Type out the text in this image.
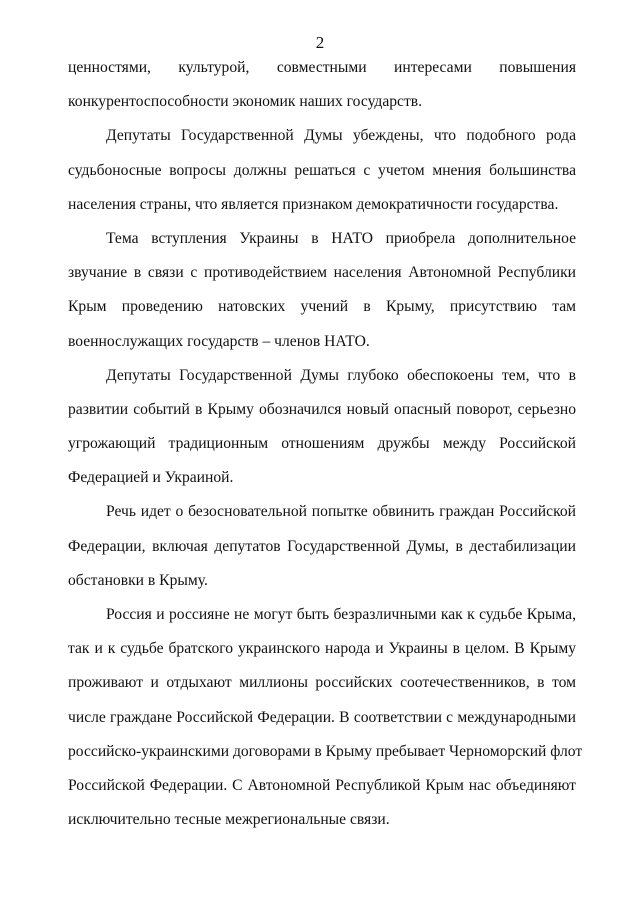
2
ценностями, культурой, совместными интересами повышения
конкурентоспособности экономик наших государств.
Депутаты Государственной Думы убеждены, что подобного рода
судьбоносные вопросы должны решаться с учетом мнения большинства
населения страны, что является признаком демократичности государства.
Тема вступления Украины в НАТО приобрела дополнительное
звучание в связи с противодействием населения Автономной Республики
Крым проведению натовских учений в Крыму, присутствию там
военнослужащих государств – членов НАТО.
Депутаты Государственной Думы глубоко обеспокоены тем, что в
развитии событий в Крыму обозначился новый опасный поворот, серьезно
угрожающий традиционным отношениям дружбы между Российской
Федерацией и Украиной.
Речь идет о безосновательной попытке обвинить граждан Российской
Федерации, включая депутатов Государственной Думы, в дестабилизации
обстановки в Крыму.
Россия и россияне не могут быть безразличными как к судьбе Крыма,
так и к судьбе братского украинского народа и Украины в целом. В Крыму
проживают и отдыхают миллионы российских соотечественников, в том
числе граждане Российской Федерации. В соответствии с международными
российско-украинскими договорами в Крыму пребывает Черноморский флот
Российской Федерации. С Автономной Республикой Крым нас объединяют
исключительно тесные межрегиональные связи.
